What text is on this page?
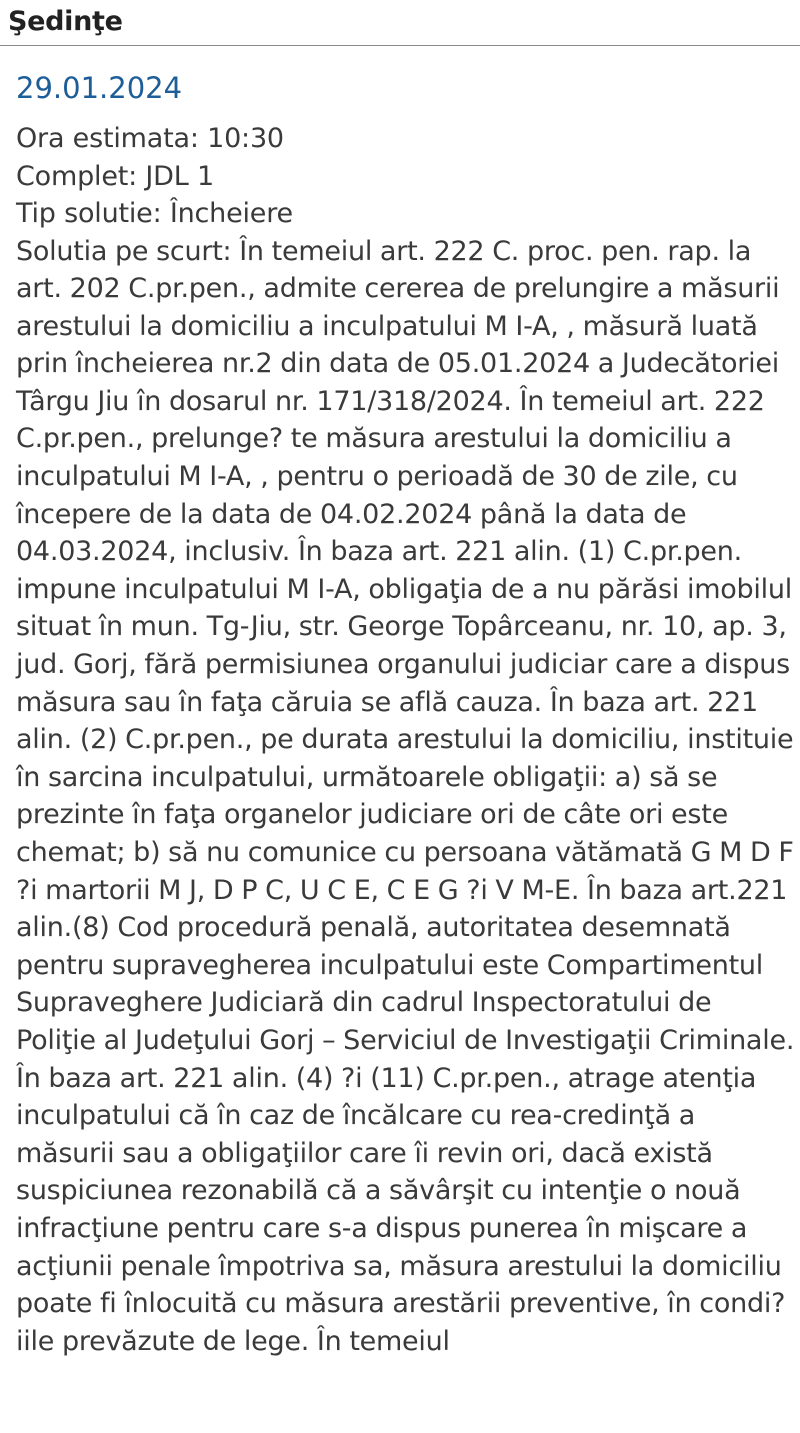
Şedinţe
29.01.2024
Ora estimata: 10:30
Complet: JDL 1
Tip solutie: Încheiere
Solutia pe scurt: În temeiul art. 222 C. proc. pen. rap. la art. 202 C.pr.pen., admite cererea de prelungire a măsurii arestului la domiciliu a inculpatului M I-A, , măsură luată prin încheierea nr.2 din data de 05.01.2024 a Judecătoriei Târgu Jiu în dosarul nr. 171/318/2024. În temeiul art. 222 C.pr.pen., prelunge? te măsura arestului la domiciliu a inculpatului M I-A, , pentru o perioadă de 30 de zile, cu începere de la data de 04.02.2024 până la data de 04.03.2024, inclusiv. În baza art. 221 alin. (1) C.pr.pen. impune inculpatului M I-A, obligaţia de a nu părăsi imobilul situat în mun. Tg-Jiu, str. George Topârceanu, nr. 10, ap. 3, jud. Gorj, fără permisiunea organului judiciar care a dispus măsura sau în faţa căruia se află cauza. În baza art. 221 alin. (2) C.pr.pen., pe durata arestului la domiciliu, instituie în sarcina inculpatului, următoarele obligaţii: a) să se prezinte în faţa organelor judiciare ori de câte ori este chemat; b) să nu comunice cu persoana vătămată G M D F ?i martorii M J, D P C, U C E, C E G ?i V M-E. În baza art.221 alin.(8) Cod procedură penală, autoritatea desemnată pentru supravegherea inculpatului este Compartimentul Supraveghere Judiciară din cadrul Inspectoratului de Poliţie al Judeţului Gorj – Serviciul de Investigaţii Criminale. În baza art. 221 alin. (4) ?i (11) C.pr.pen., atrage atenţia inculpatului că în caz de încălcare cu rea-credinţă a măsurii sau a obligaţiilor care îi revin ori, dacă există suspiciunea rezonabilă că a săvârşit cu intenţie o nouă infracţiune pentru care s-a dispus punerea în mişcare a acţiunii penale împotriva sa, măsura arestului la domiciliu poate fi înlocuită cu măsura arestării preventive, în condi?iile prevăzute de lege. În temeiul
